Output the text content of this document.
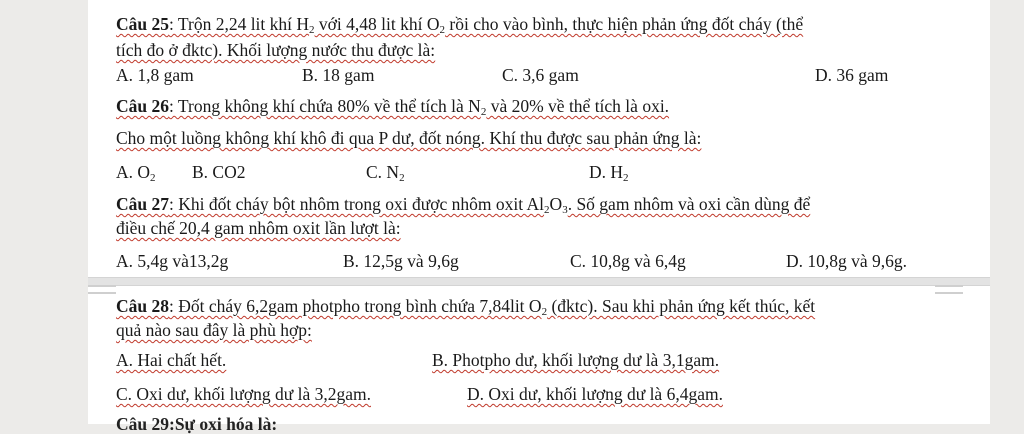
Câu 25: Trộn 2,24 lit khí $H_2$ với 4,48 lit khí $O_2$ rồi cho vào bình, thực hiện phản ứng đốt cháy (thể
tích đo ở đktc). Khối lượng nước thu được là:
A. 1,8 gam	B. 18 gam	C. 3,6 gam	D. 36 gam
Câu 26: Trong không khí chứa 80% về thể tích là $N_2$ và 20% về thể tích là oxi.
Cho một luồng không khí khô đi qua P dư, đốt nóng. Khí thu được sau phản ứng là:
A. $O_2$ B. CO2	C. $N_2$	D. $H_2$
Câu 27: Khi đốt cháy bột nhôm trong oxi được nhôm oxit $Al_2O_3$. Số gam nhôm và oxi cần dùng để
điều chế 20,4 gam nhôm oxit lần lượt là:
A. 5,4g và13,2g	B. 12,5g và 9,6g	C. 10,8g và 6,4g	D. 10,8g và 9,6g.
Câu 28: Đốt cháy 6,2gam photpho trong bình chứa 7,84lit $O_2$ (đktc). Sau khi phản ứng kết thúc, kết
quả nào sau đây là phù hợp:
A. Hai chất hết.	B. Photpho dư, khối lượng dư là 3,1gam.
C. Oxi dư, khối lượng dư là 3,2gam.	D. Oxi dư, khối lượng dư là 6,4gam.
Câu 29:Sự oxi hóa là:
